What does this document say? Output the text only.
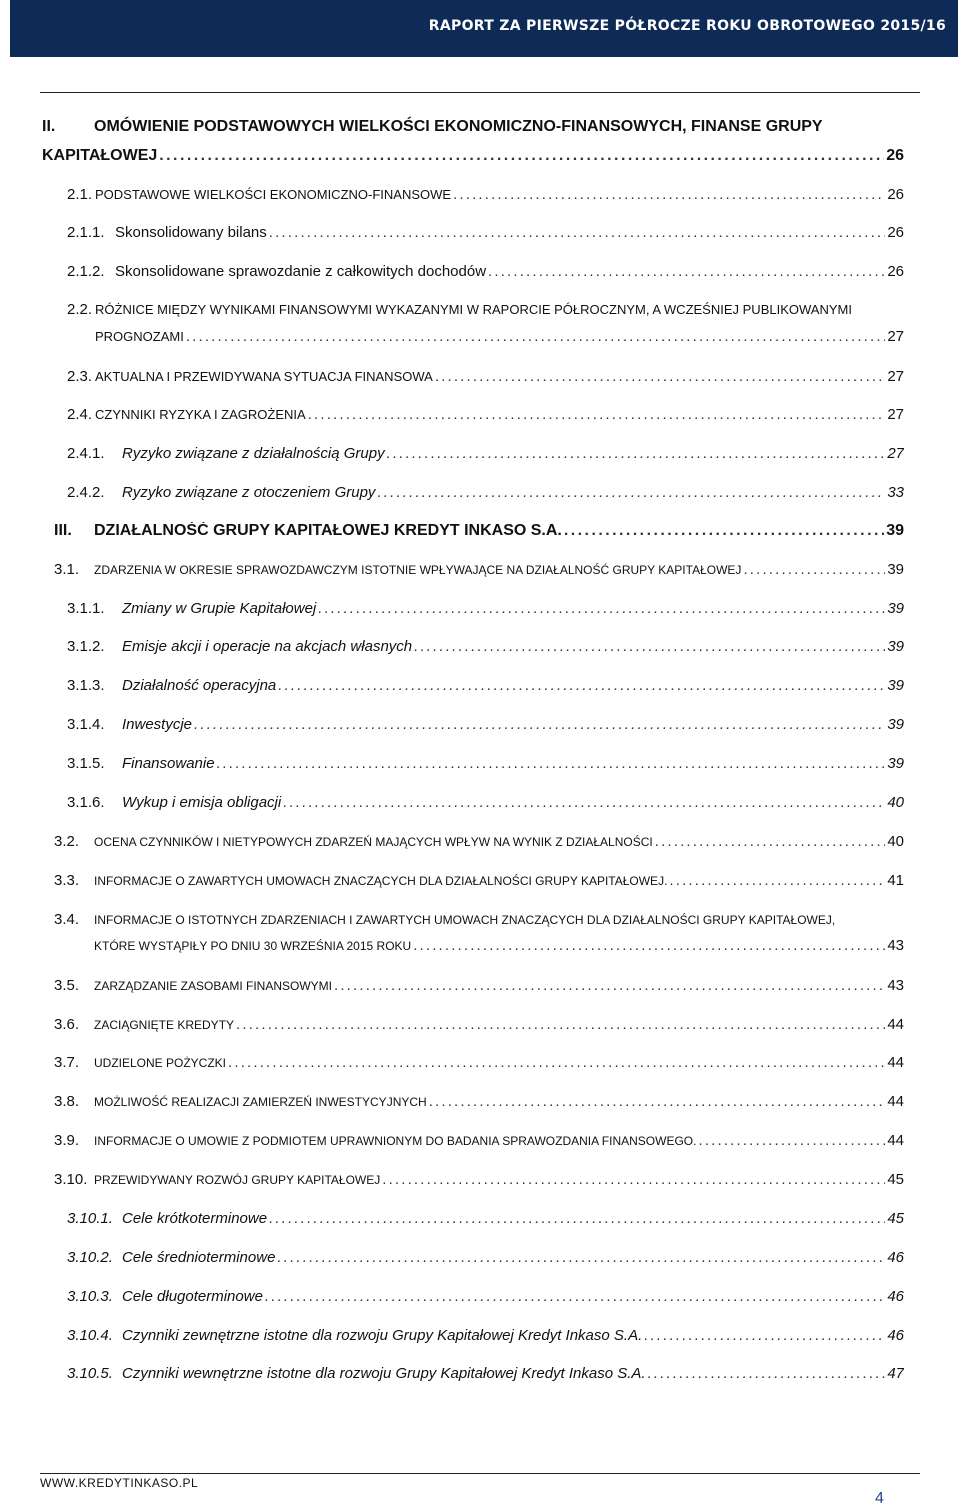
RAPORT ZA PIERWSZE PÓŁROCZE ROKU OBROTOWEGO 2015/16
II. OMÓWIENIE PODSTAWOWYCH WIELKOŚCI EKONOMICZNO-FINANSOWYCH, FINANSE GRUPY
KAPITAŁOWEJ . . .	26
2.1. PODSTAWOWE WIELKOŚCI EKONOMICZNO-FINANSOWE . . .	26
2.1.1. Skonsolidowany bilans . . .	26
2.1.2. Skonsolidowane sprawozdanie z całkowitych dochodów . . .	26
2.2. RÓŻNICE MIĘDZY WYNIKAMI FINANSOWYMI WYKAZANYMI W RAPORCIE PÓŁROCZNYM, A WCZEŚNIEJ PUBLIKOWANYMI
PROGNOZAMI . . .	27
2.3. AKTUALNA I PRZEWIDYWANA SYTUACJA FINANSOWA . . .	27
2.4. CZYNNIKI RYZYKA I ZAGROŻENIA . . .	27
2.4.1.	Ryzyko związane z działalnością Grupy . . .	27
2.4.2.	Ryzyko związane z otoczeniem Grupy . . .	33
III.	DZIAŁALNOŚĆ GRUPY KAPITAŁOWEJ KREDYT INKASO S.A. . . .	39
3.1.	ZDARZENIA W OKRESIE SPRAWOZDAWCZYM ISTOTNIE WPŁYWAJĄCE NA DZIAŁALNOŚĆ GRUPY KAPITAŁOWEJ . . .	39
3.1.1.	Zmiany w Grupie Kapitałowej . . .	39
3.1.2.	Emisje akcji i operacje na akcjach własnych . . .	39
3.1.3.	Działalność operacyjna . . .	39
3.1.4.	Inwestycje . . .	39
3.1.5.	Finansowanie . . .	39
3.1.6.	Wykup i emisja obligacji . . .	40
3.2.	OCENA CZYNNIKÓW I NIETYPOWYCH ZDARZEŃ MAJĄCYCH WPŁYW NA WYNIK Z DZIAŁALNOŚCI . . .	40
3.3.	INFORMACJE O ZAWARTYCH UMOWACH ZNACZĄCYCH DLA DZIAŁALNOŚCI GRUPY KAPITAŁOWEJ. . . .	41
3.4. INFORMACJE O ISTOTNYCH ZDARZENIACH I ZAWARTYCH UMOWACH ZNACZĄCYCH DLA DZIAŁALNOŚCI GRUPY KAPITAŁOWEJ,
KTÓRE WYSTĄPIŁY PO DNIU 30 WRZEŚNIA 2015 ROKU . . .	43
3.5.	ZARZĄDZANIE ZASOBAMI FINANSOWYMI . . .	43
3.6.	ZACIĄGNIĘTE KREDYTY . . .	44
3.7.	UDZIELONE POŻYCZKI . . .	44
3.8.	MOŻLIWOŚĆ REALIZACJI ZAMIERZEŃ INWESTYCYJNYCH . . .	44
3.9.	INFORMACJE O UMOWIE Z PODMIOTEM UPRAWNIONYM DO BADANIA SPRAWOZDANIA FINANSOWEGO. . . .	44
3.10. PRZEWIDYWANY ROZWÓJ GRUPY KAPITAŁOWEJ . . .	45
3.10.1. Cele krótkoterminowe . . .	45
3.10.2. Cele średnioterminowe . . .	46
3.10.3. Cele długoterminowe . . .	46
3.10.4. Czynniki zewnętrzne istotne dla rozwoju Grupy Kapitałowej Kredyt Inkaso S.A. . . .	46
3.10.5. Czynniki wewnętrzne istotne dla rozwoju Grupy Kapitałowej Kredyt Inkaso S.A. . . .	47
WWW.KREDYTINKASO.PL
4
